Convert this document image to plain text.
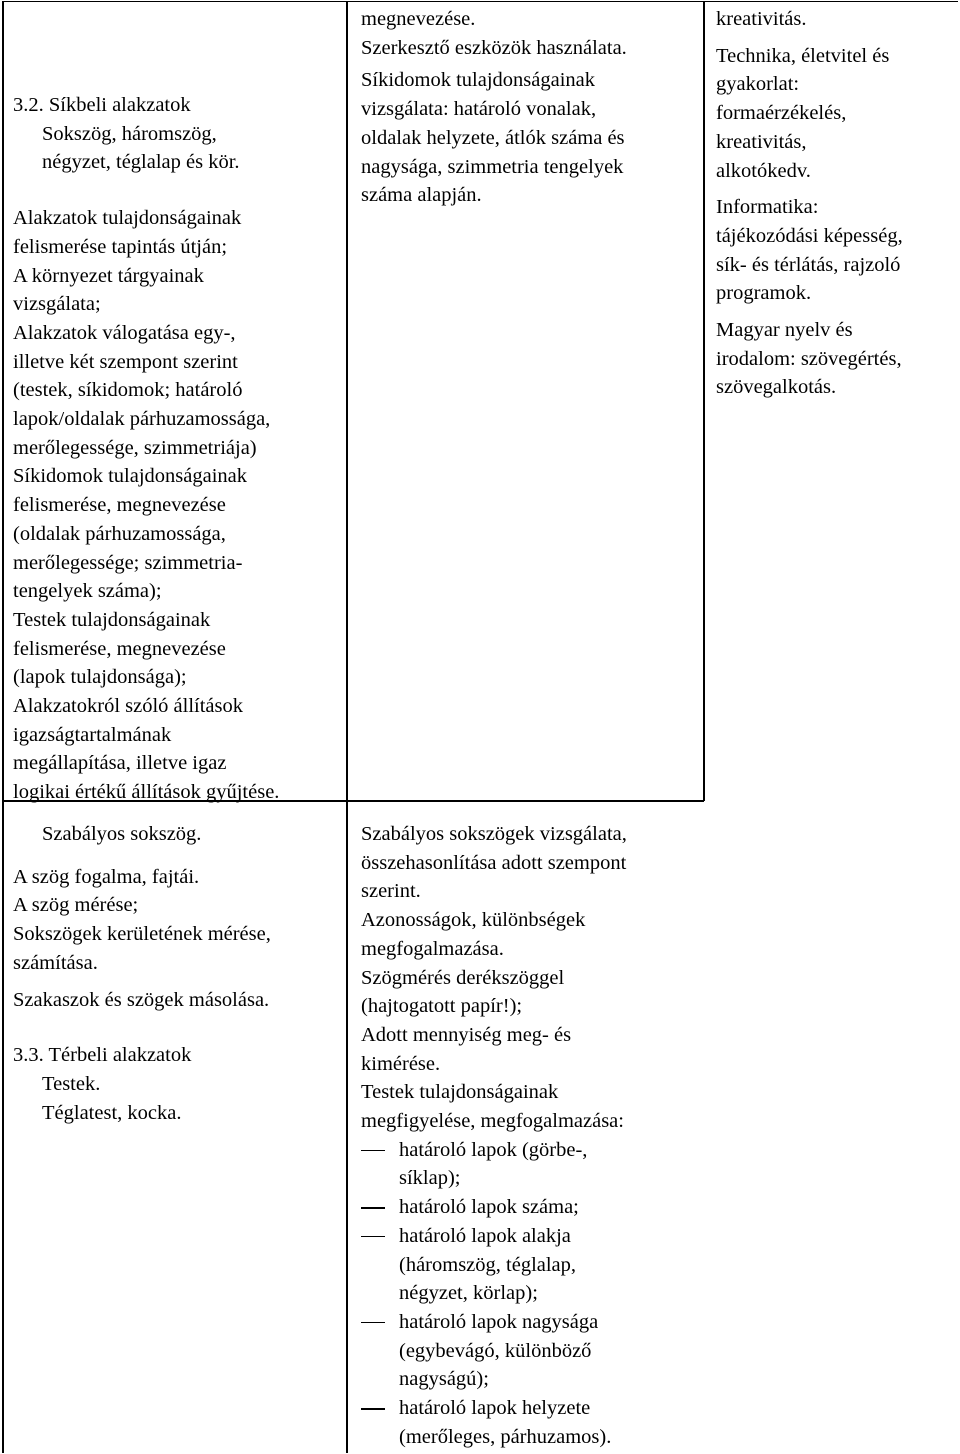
3.2. Síkbeli alakzatok

Sokszög, háromszög,

négyzet, téglalap és kör.

Alakzatok tulajdonságainak

felismerése tapintás útján;

A környezet tárgyainak

vizsgálata;

Alakzatok válogatása egy-,

illetve két szempont szerint

(testek, síkidomok; határoló

lapok/oldalak párhuzamossága,

merőlegessége, szimmetriája)

Síkidomok tulajdonságainak

felismerése, megnevezése

(oldalak párhuzamossága,

merőlegessége; szimmetria-

tengelyek száma);

Testek tulajdonságainak

felismerése, megnevezése

(lapok tulajdonsága);

Alakzatokról szóló állítások

igazságtartalmának

megállapítása, illetve igaz

logikai értékű állítások gyűjtése.

megnevezése.

Szerkesztő eszközök használata.

Síkidomok tulajdonságainak

vizsgálata: határoló vonalak,

oldalak helyzete, átlók száma és

nagysága, szimmetria tengelyek

száma alapján.

kreativitás.

Technika, életvitel és

gyakorlat:

formaérzékelés,

kreativitás,

alkotókedv.

Informatika:

tájékozódási képesség,

sík- és térlátás, rajzoló

programok.

Magyar nyelv és

irodalom: szövegértés,

szövegalkotás.

Szabályos sokszög.

A szög fogalma, fajtái.

A szög mérése;

Sokszögek kerületének mérése,

számítása.

Szakaszok és szögek másolása.

3.3. Térbeli alakzatok

Testek.

Téglatest, kocka.

Szabályos sokszögek vizsgálata,

összehasonlítása adott szempont

szerint.

Azonosságok, különbségek

megfogalmazása.

Szögmérés derékszöggel

(hajtogatott papír!);

Adott mennyiség meg- és

kimérése.

Testek tulajdonságainak

megfigyelése, megfogalmazása:

határoló lapok (görbe-,

síklap);

határoló lapok száma;

határoló lapok alakja

(háromszög, téglalap,

négyzet, körlap);

határoló lapok nagysága

(egybevágó, különböző

nagyságú);

határoló lapok helyzete

(merőleges, párhuzamos).
